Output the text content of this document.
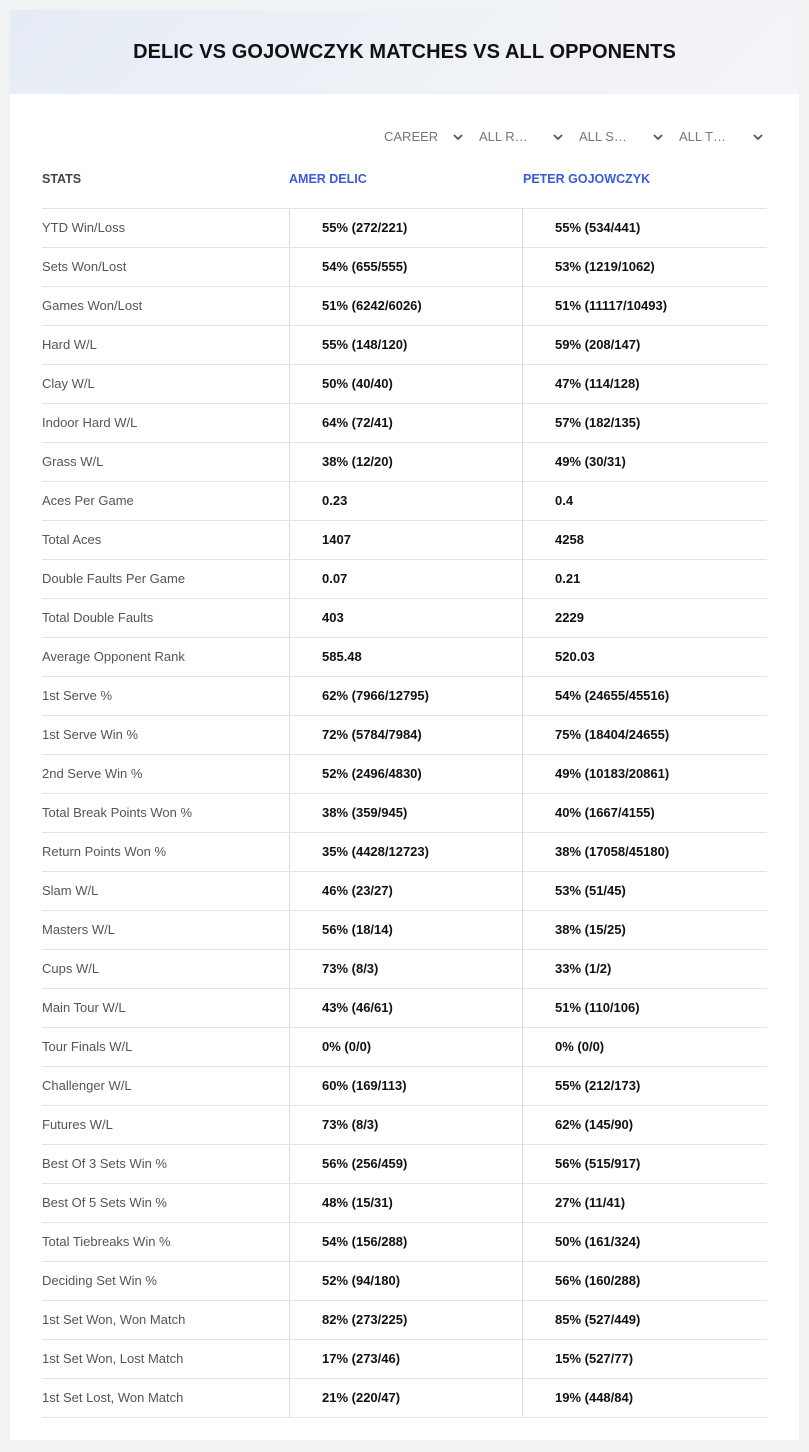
DELIC VS GOJOWCZYK MATCHES VS ALL OPPONENTS
CAREER	ALL R…	ALL S…	ALL T…
STATS	AMER DELIC	PETER GOJOWCZYK
YTD Win/Loss	55% (272/221)	55% (534/441)
Sets Won/Lost	54% (655/555)	53% (1219/1062)
Games Won/Lost	51% (6242/6026)	51% (11117/10493)
Hard W/L	55% (148/120)	59% (208/147)
Clay W/L	50% (40/40)	47% (114/128)
Indoor Hard W/L	64% (72/41)	57% (182/135)
Grass W/L	38% (12/20)	49% (30/31)
Aces Per Game	0.23	0.4
Total Aces	1407	4258
Double Faults Per Game	0.07	0.21
Total Double Faults	403	2229
Average Opponent Rank	585.48	520.03
1st Serve %	62% (7966/12795)	54% (24655/45516)
1st Serve Win %	72% (5784/7984)	75% (18404/24655)
2nd Serve Win %	52% (2496/4830)	49% (10183/20861)
Total Break Points Won %	38% (359/945)	40% (1667/4155)
Return Points Won %	35% (4428/12723)	38% (17058/45180)
Slam W/L	46% (23/27)	53% (51/45)
Masters W/L	56% (18/14)	38% (15/25)
Cups W/L	73% (8/3)	33% (1/2)
Main Tour W/L	43% (46/61)	51% (110/106)
Tour Finals W/L	0% (0/0)	0% (0/0)
Challenger W/L	60% (169/113)	55% (212/173)
Futures W/L	73% (8/3)	62% (145/90)
Best Of 3 Sets Win %	56% (256/459)	56% (515/917)
Best Of 5 Sets Win %	48% (15/31)	27% (11/41)
Total Tiebreaks Win %	54% (156/288)	50% (161/324)
Deciding Set Win %	52% (94/180)	56% (160/288)
1st Set Won, Won Match	82% (273/225)	85% (527/449)
1st Set Won, Lost Match	17% (273/46)	15% (527/77)
1st Set Lost, Won Match	21% (220/47)	19% (448/84)
